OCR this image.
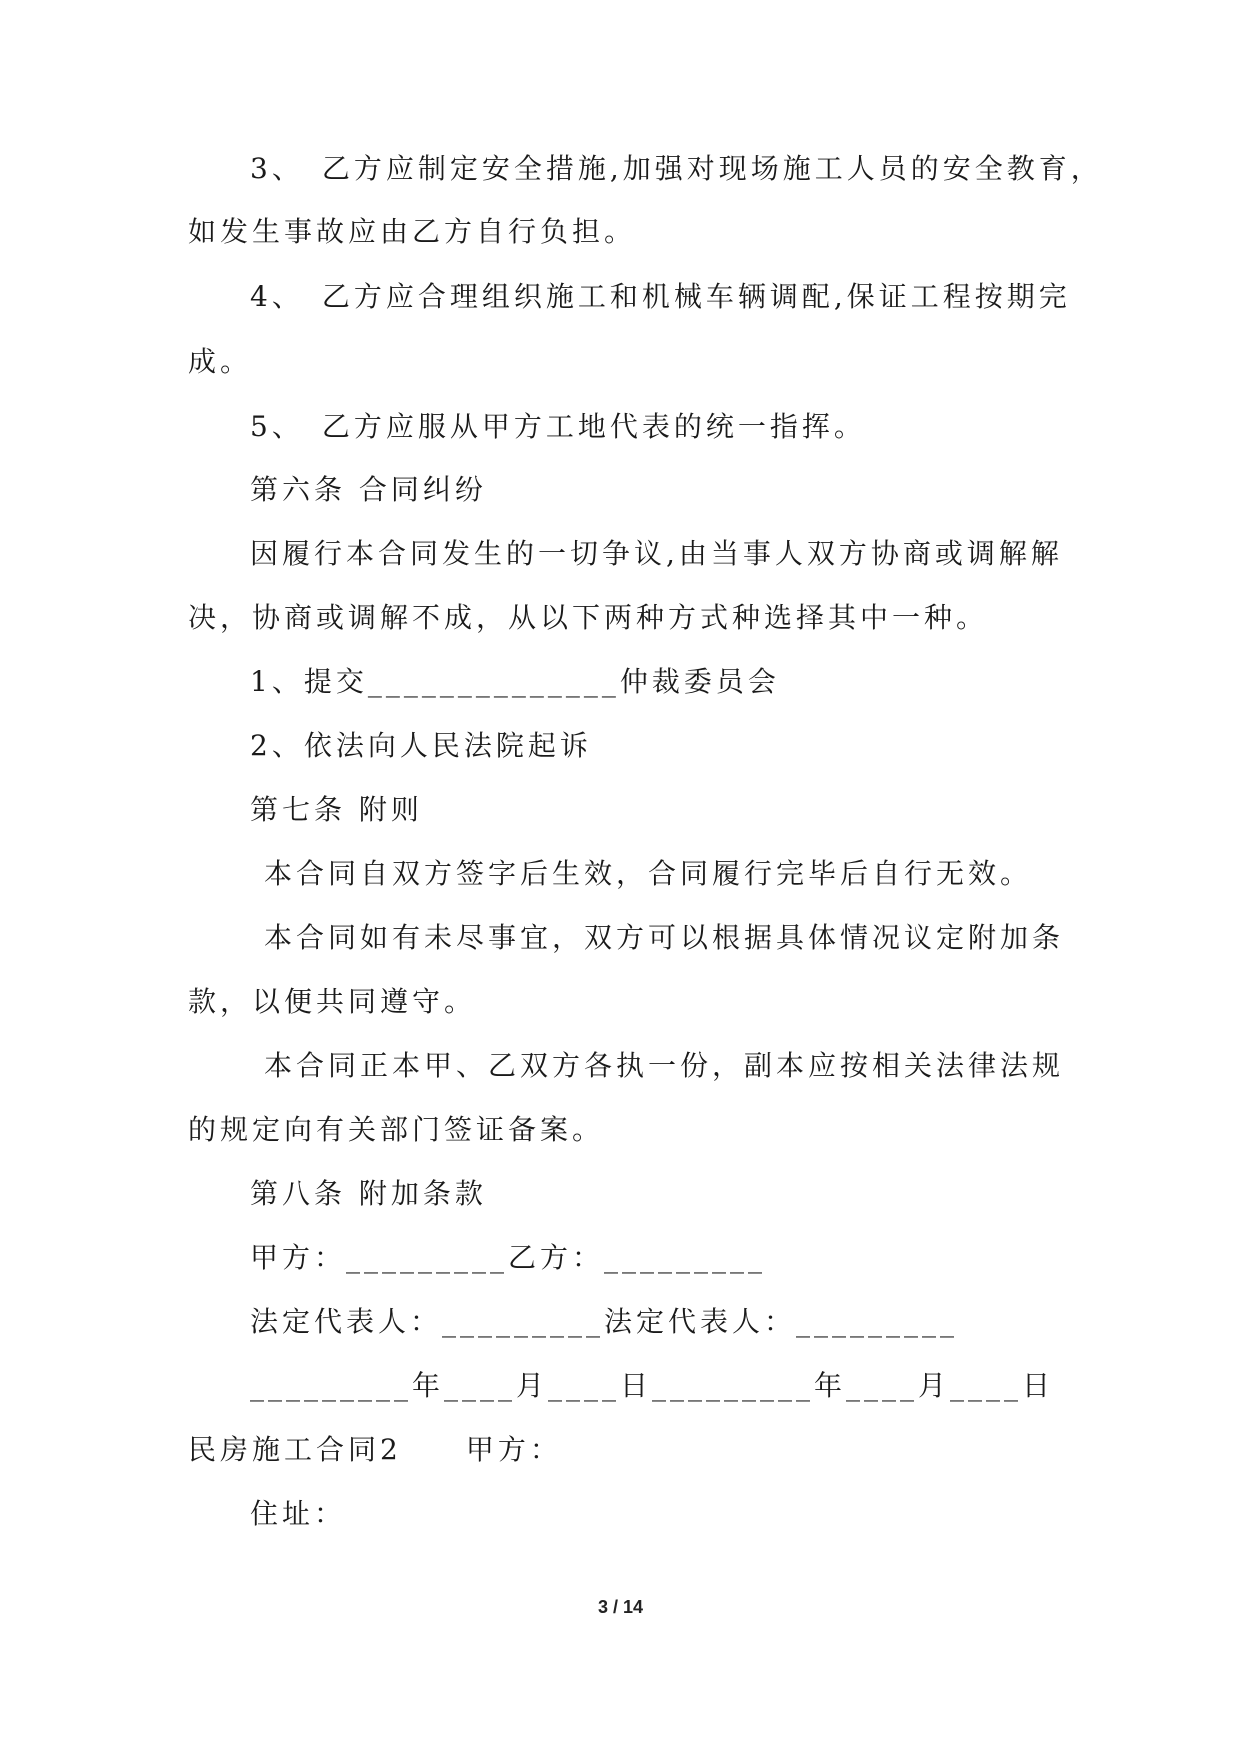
3、　乙方应制定安全措施,加强对现场施工人员的安全教育，
如发生事故应由乙方自行负担。
4、　乙方应合理组织施工和机械车辆调配,保证工程按期完
成。
5、　乙方应服从甲方工地代表的统一指挥。
第六条 合同纠纷
因履行本合同发生的一切争议,由当事人双方协商或调解解
决，协商或调解不成，从以下两种方式种选择其中一种。
1、提交______________仲裁委员会
2、依法向人民法院起诉
第七条 附则
本合同自双方签字后生效，合同履行完毕后自行无效。
本合同如有未尽事宜，双方可以根据具体情况议定附加条
款，以便共同遵守。
本合同正本甲、乙双方各执一份，副本应按相关法律法规
的规定向有关部门签证备案。
第八条 附加条款
甲方：_________乙方：_________
法定代表人：_________法定代表人：_________
_________年____月____日_________年____月____日
民房施工合同2　　甲方：
住址：
3 / 14
